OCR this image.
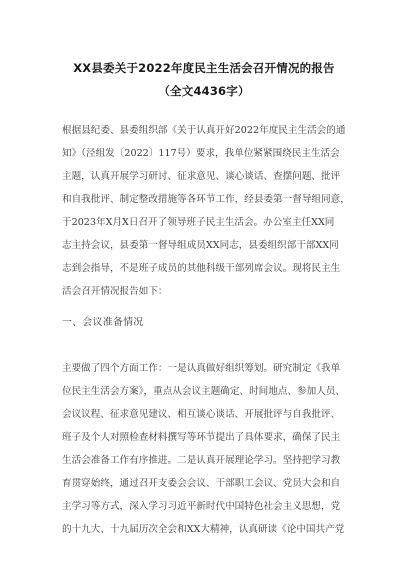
XX县委关于2022年度民主生活会召开情况的报告
（全文4436字）
根据县纪委、县委组织部《关于认真开好2022年度民主生活会的通
知》（泾组发〔2022〕117号）要求，我单位紧紧围绕民主生活会
主题，认真开展学习研讨、征求意见、谈心谈话、查摆问题、批评
和自我批评、制定整改措施等各环节工作，经县委第一督导组同意，
于2023年X月X日召开了领导班子民主生活会。办公室主任XX同
志主持会议，县委第一督导组成员XX同志，县委组织部干部XX同
志到会指导，不是班子成员的其他科级干部列席会议。现将民主生
活会召开情况报告如下：
一、会议准备情况
主要做了四个方面工作：一是认真做好组织筹划。研究制定《我单
位民主生活会方案》，重点从会议主题确定、时间地点、参加人员、
会议议程、征求意见建议、相互谈心谈话、开展批评与自我批评、
班子及个人对照检查材料撰写等环节提出了具体要求，确保了民主
生活会准备工作有序推进。二是认真开展理论学习。坚持把学习教
育贯穿始终，通过召开支委会会议、干部职工会议、党员大会和自
主学习等方式，深入学习习近平新时代中国特色社会主义思想，党
的十九大、十九届历次全会和XX大精神，认真研读《论中国共产党
